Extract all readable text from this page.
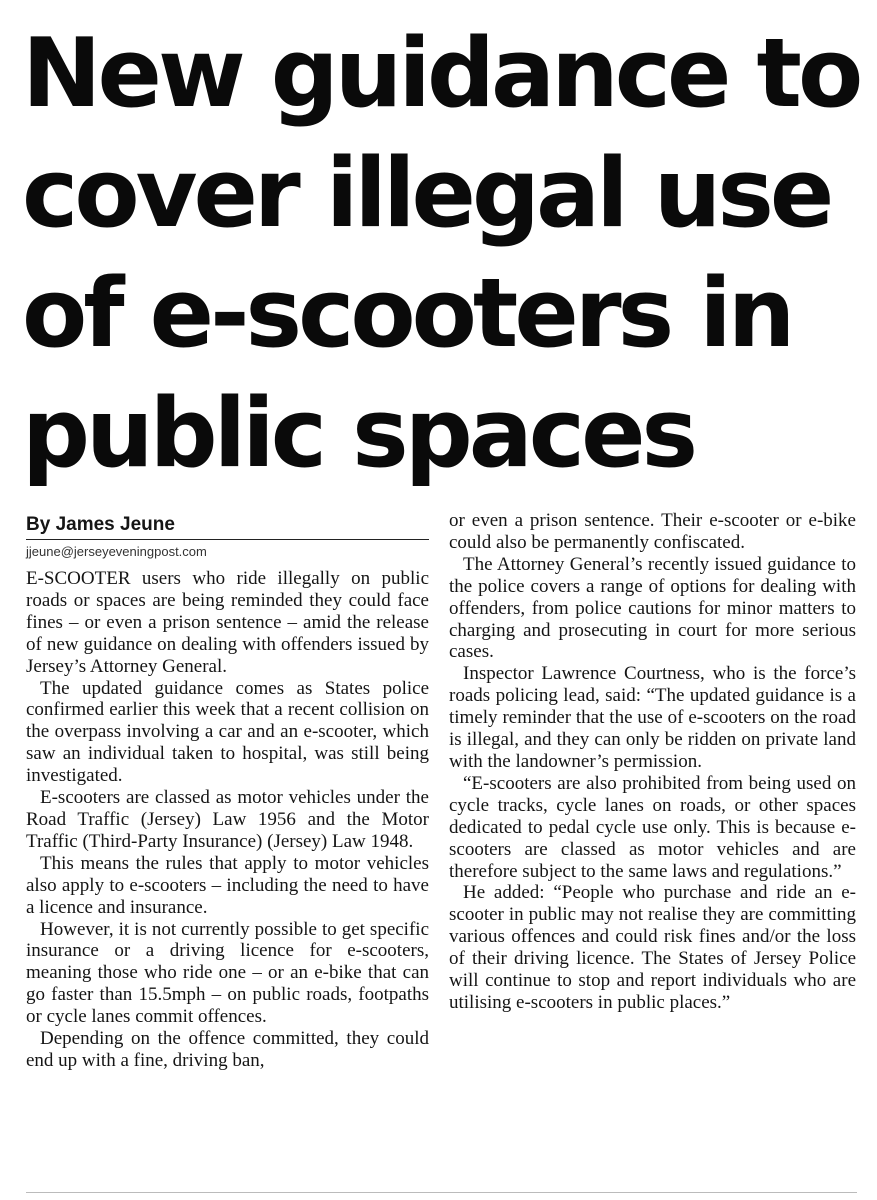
New guidance to
cover illegal use
of e-scooters in
public spaces
By James Jeune
jjeune@jerseyeveningpost.com

E-SCOOTER users who ride illegally on public roads or spaces are being reminded they could face fines – or even a prison sentence – amid the release of new guidance on dealing with offenders issued by Jersey’s Attorney General.

The updated guidance comes as States police confirmed earlier this week that a recent collision on the overpass involving a car and an e-scooter, which saw an individual taken to hospital, was still being investigated.

E-scooters are classed as motor vehicles under the Road Traffic (Jersey) Law 1956 and the Motor Traffic (Third-Party Insurance) (Jersey) Law 1948.

This means the rules that apply to motor vehicles also apply to e-scooters – including the need to have a licence and insurance.

However, it is not currently possible to get specific insurance or a driving licence for e-scooters, meaning those who ride one – or an e-bike that can go faster than 15.5mph – on public roads, footpaths or cycle lanes commit offences.

Depending on the offence committed, they could end up with a fine, driving ban,

or even a prison sentence. Their e-scooter or e-bike could also be permanently confiscated.

The Attorney General’s recently issued guidance to the police covers a range of options for dealing with offenders, from police cautions for minor matters to charging and prosecuting in court for more serious cases.

Inspector Lawrence Courtness, who is the force’s roads policing lead, said: “The updated guidance is a timely reminder that the use of e-scooters on the road is illegal, and they can only be ridden on private land with the landowner’s permission.

“E-scooters are also prohibited from being used on cycle tracks, cycle lanes on roads, or other spaces dedicated to pedal cycle use only. This is because e-scooters are classed as motor vehicles and are therefore subject to the same laws and regulations.”

He added: “People who purchase and ride an e-scooter in public may not realise they are committing various offences and could risk fines and/or the loss of their driving licence. The States of Jersey Police will continue to stop and report individuals who are utilising e-scooters in public places.”
